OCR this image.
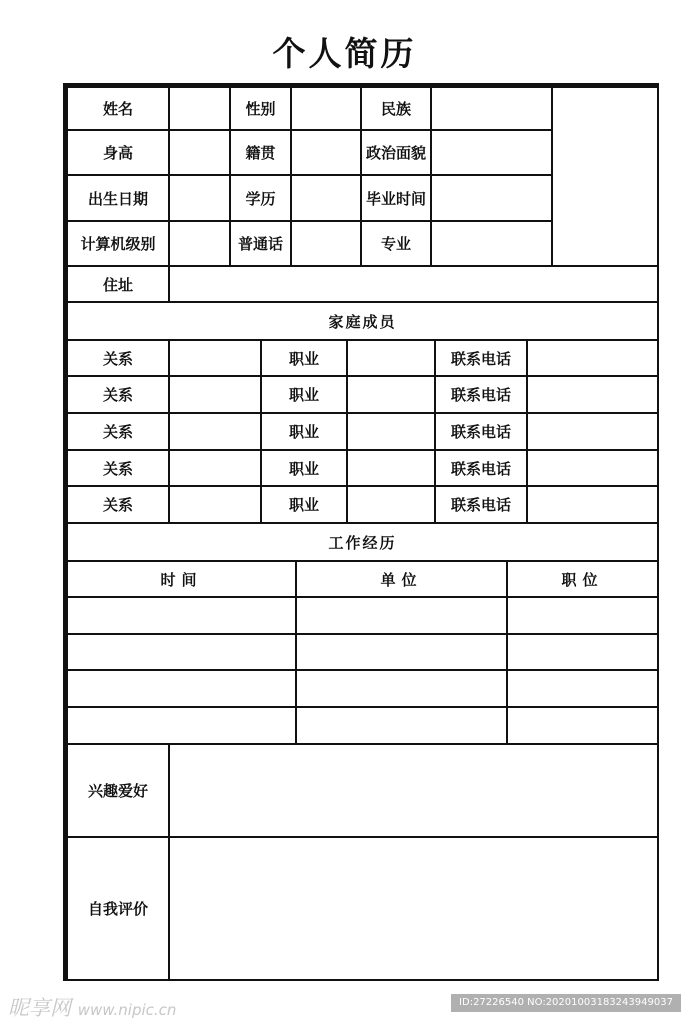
个人简历
姓名	性别	民族
身高	籍贯	政治面貌
出生日期	学历	毕业时间
计算机级别	普通话	专业
住址
家庭成员
关系	职业	联系电话
关系	职业	联系电话
关系	职业	联系电话
关系	职业	联系电话
关系	职业	联系电话
工作经历
时间	单位	职位
兴趣爱好
自我评价
昵享网 www.nipic.cn	ID:27226540 NO:20201003183243949037
